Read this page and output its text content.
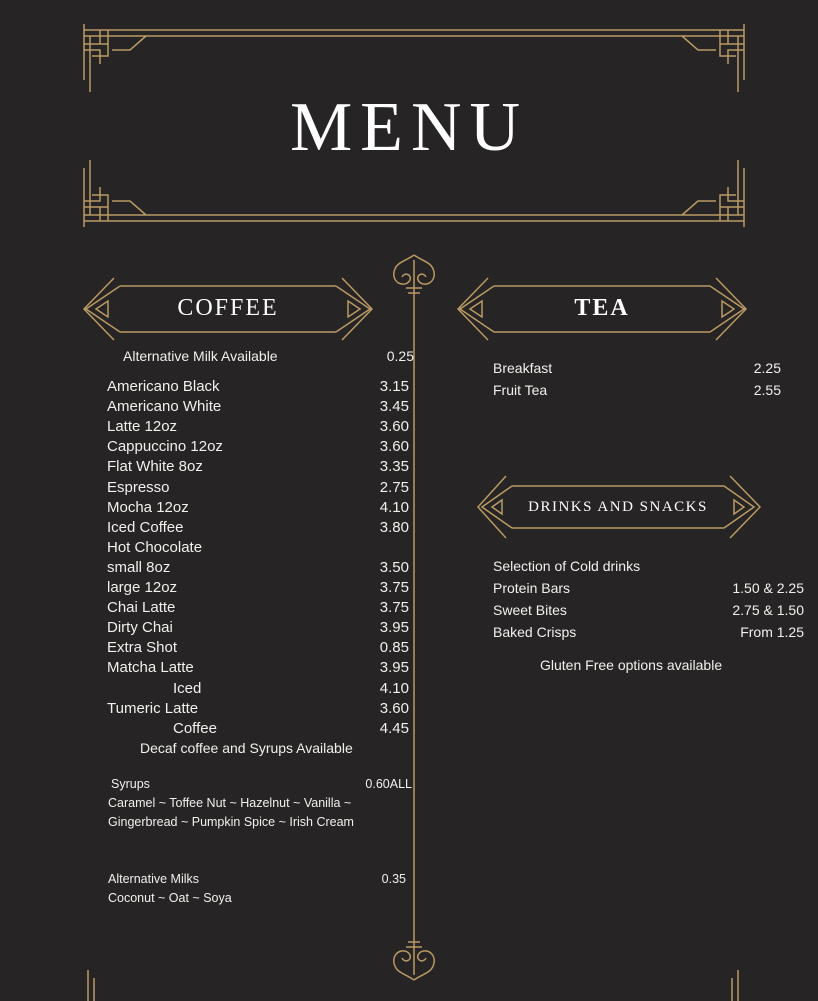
MENU
COFFEE	TEA
DRINKS AND SNACKS
Alternative Milk Available	0.25
Americano Black	3.15
Americano White	3.45
Latte 12oz	3.60
Cappuccino 12oz	3.60
Flat White 8oz	3.35
Espresso	2.75
Mocha 12oz	4.10
Iced Coffee	3.80
Hot Chocolate
small 8oz	3.50
large 12oz	3.75
Chai Latte	3.75
Dirty Chai	3.95
Extra Shot	0.85
Matcha Latte	3.95
Iced	4.10
Tumeric Latte	3.60
Coffee	4.45
Decaf coffee and Syrups Available
Syrups	0.60ALL
Caramel ~ Toffee Nut ~ Hazelnut ~ Vanilla ~
Gingerbread ~ Pumpkin Spice ~ Irish Cream
Alternative Milks	0.35
Coconut ~ Oat ~ Soya
Breakfast	2.25
Fruit Tea	2.55
Selection of Cold drinks
Protein Bars	1.50 & 2.25
Sweet Bites	2.75 & 1.50
Baked Crisps	From 1.25
Gluten Free options available
